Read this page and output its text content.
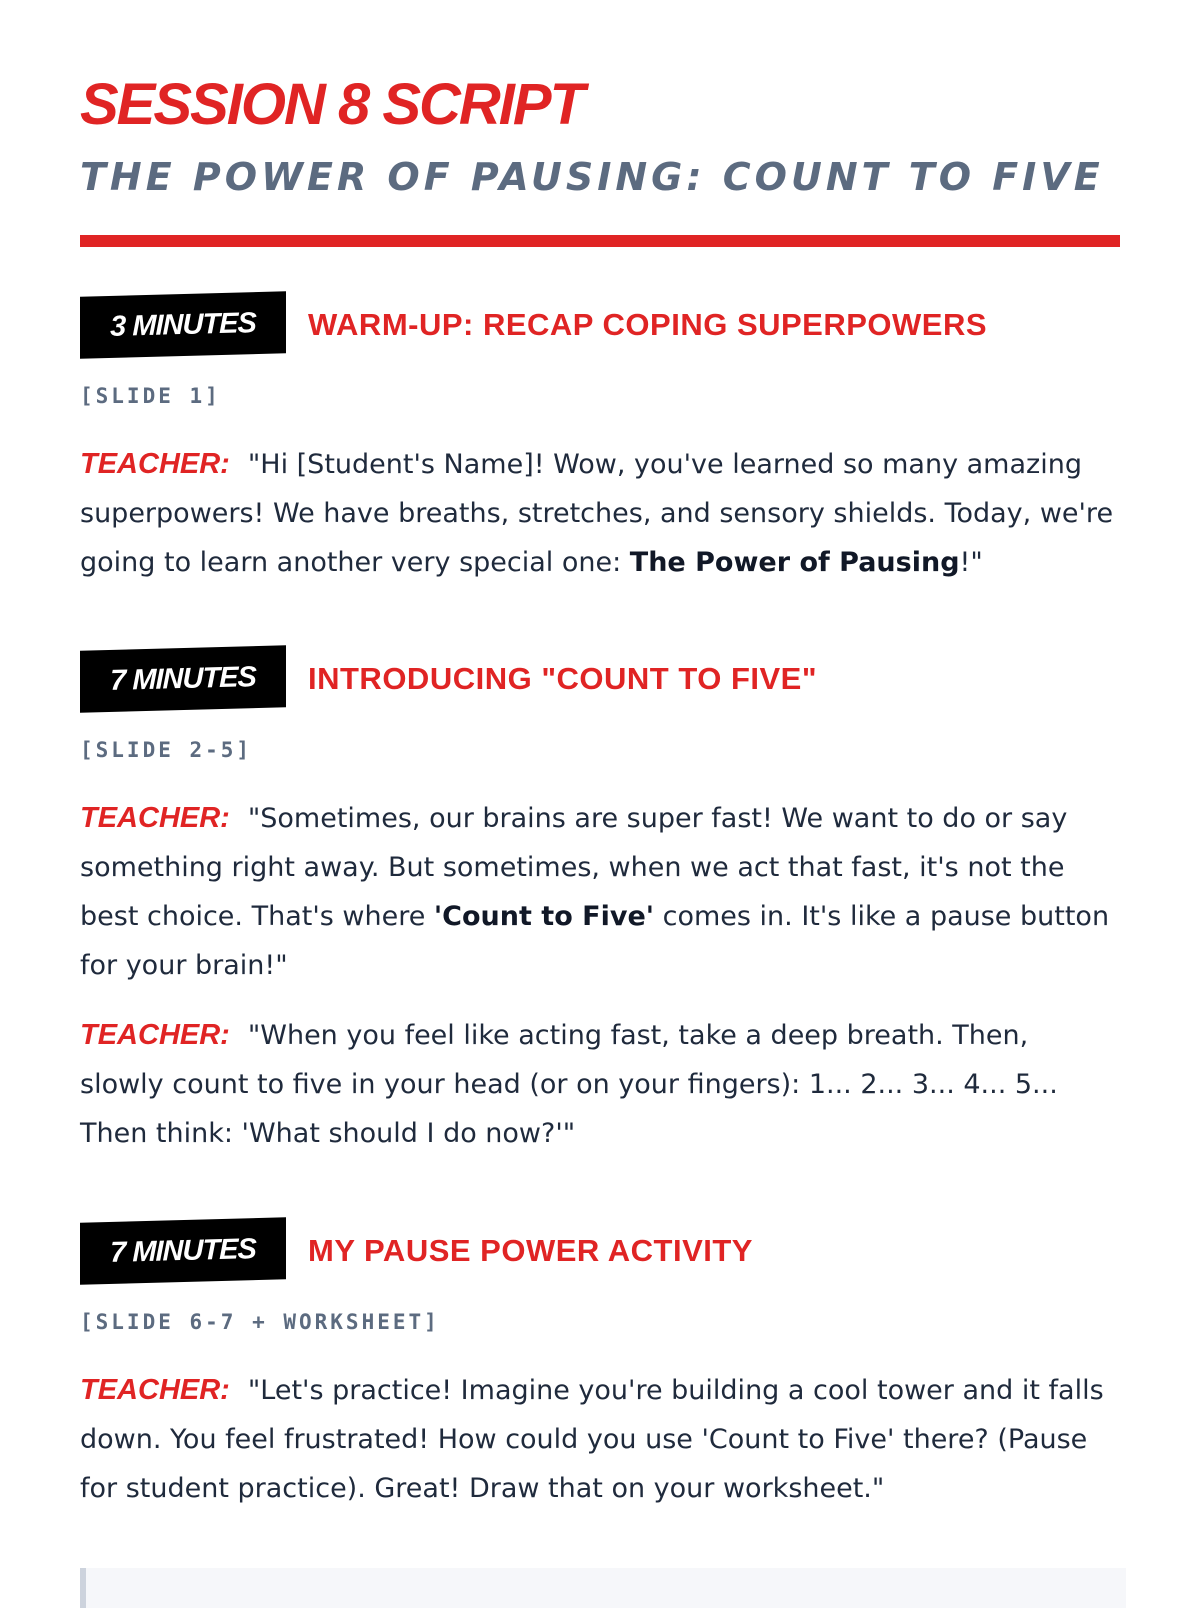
SESSION 8 SCRIPT
THE POWER OF PAUSING: COUNT TO FIVE
3 MINUTES	WARM-UP: RECAP COPING SUPERPOWERS
[SLIDE 1]
TEACHER: "Hi [Student's Name]! Wow, you've learned so many amazing superpowers! We have breaths, stretches, and sensory shields. Today, we're going to learn another very special one: The Power of Pausing!"
7 MINUTES	INTRODUCING "COUNT TO FIVE"
[SLIDE 2-5]
TEACHER: "Sometimes, our brains are super fast! We want to do or say something right away. But sometimes, when we act that fast, it's not the best choice. That's where 'Count to Five' comes in. It's like a pause button for your brain!"
TEACHER: "When you feel like acting fast, take a deep breath. Then, slowly count to five in your head (or on your fingers): 1... 2... 3... 4... 5... Then think: 'What should I do now?'"
7 MINUTES	MY PAUSE POWER ACTIVITY
[SLIDE 6-7 + WORKSHEET]
TEACHER: "Let's practice! Imagine you're building a cool tower and it falls down. You feel frustrated! How could you use 'Count to Five' there? (Pause for student practice). Great! Draw that on your worksheet."
